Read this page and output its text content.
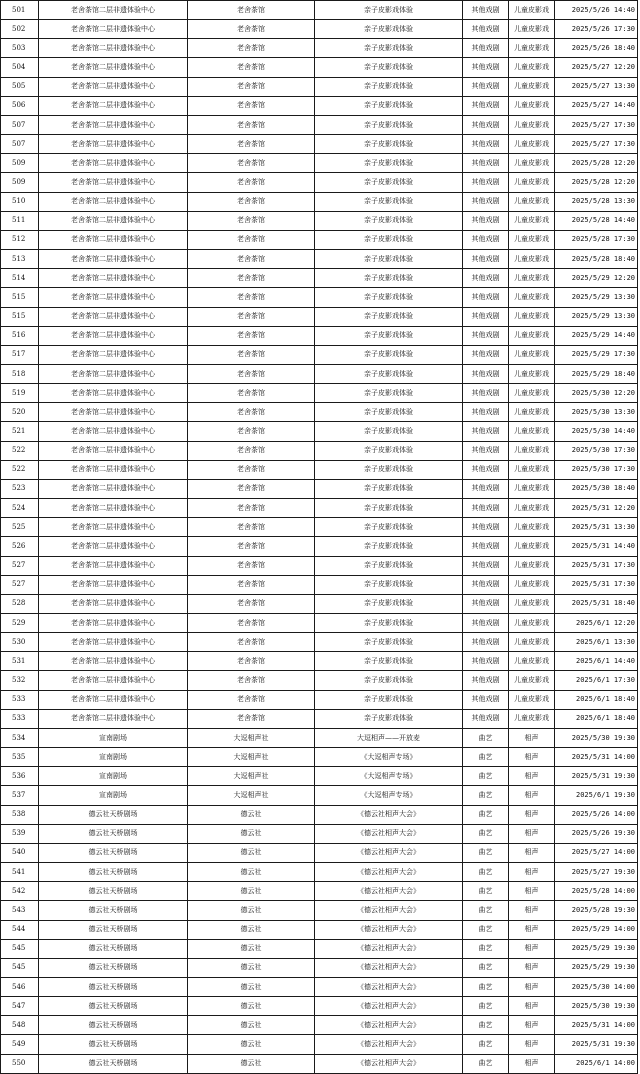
501	老舍茶馆二层非遗体验中心	老舍茶馆	亲子皮影戏体验	其他戏剧	儿童皮影戏	2025/5/26 14:40
502	老舍茶馆二层非遗体验中心	老舍茶馆	亲子皮影戏体验	其他戏剧	儿童皮影戏	2025/5/26 17:30
503	老舍茶馆二层非遗体验中心	老舍茶馆	亲子皮影戏体验	其他戏剧	儿童皮影戏	2025/5/26 18:40
504	老舍茶馆二层非遗体验中心	老舍茶馆	亲子皮影戏体验	其他戏剧	儿童皮影戏	2025/5/27 12:20
505	老舍茶馆二层非遗体验中心	老舍茶馆	亲子皮影戏体验	其他戏剧	儿童皮影戏	2025/5/27 13:30
506	老舍茶馆二层非遗体验中心	老舍茶馆	亲子皮影戏体验	其他戏剧	儿童皮影戏	2025/5/27 14:40
507	老舍茶馆二层非遗体验中心	老舍茶馆	亲子皮影戏体验	其他戏剧	儿童皮影戏	2025/5/27 17:30
507	老舍茶馆二层非遗体验中心	老舍茶馆	亲子皮影戏体验	其他戏剧	儿童皮影戏	2025/5/27 17:30
509	老舍茶馆二层非遗体验中心	老舍茶馆	亲子皮影戏体验	其他戏剧	儿童皮影戏	2025/5/28 12:20
509	老舍茶馆二层非遗体验中心	老舍茶馆	亲子皮影戏体验	其他戏剧	儿童皮影戏	2025/5/28 12:20
510	老舍茶馆二层非遗体验中心	老舍茶馆	亲子皮影戏体验	其他戏剧	儿童皮影戏	2025/5/28 13:30
511	老舍茶馆二层非遗体验中心	老舍茶馆	亲子皮影戏体验	其他戏剧	儿童皮影戏	2025/5/28 14:40
512	老舍茶馆二层非遗体验中心	老舍茶馆	亲子皮影戏体验	其他戏剧	儿童皮影戏	2025/5/28 17:30
513	老舍茶馆二层非遗体验中心	老舍茶馆	亲子皮影戏体验	其他戏剧	儿童皮影戏	2025/5/28 18:40
514	老舍茶馆二层非遗体验中心	老舍茶馆	亲子皮影戏体验	其他戏剧	儿童皮影戏	2025/5/29 12:20
515	老舍茶馆二层非遗体验中心	老舍茶馆	亲子皮影戏体验	其他戏剧	儿童皮影戏	2025/5/29 13:30
515	老舍茶馆二层非遗体验中心	老舍茶馆	亲子皮影戏体验	其他戏剧	儿童皮影戏	2025/5/29 13:30
516	老舍茶馆二层非遗体验中心	老舍茶馆	亲子皮影戏体验	其他戏剧	儿童皮影戏	2025/5/29 14:40
517	老舍茶馆二层非遗体验中心	老舍茶馆	亲子皮影戏体验	其他戏剧	儿童皮影戏	2025/5/29 17:30
518	老舍茶馆二层非遗体验中心	老舍茶馆	亲子皮影戏体验	其他戏剧	儿童皮影戏	2025/5/29 18:40
519	老舍茶馆二层非遗体验中心	老舍茶馆	亲子皮影戏体验	其他戏剧	儿童皮影戏	2025/5/30 12:20
520	老舍茶馆二层非遗体验中心	老舍茶馆	亲子皮影戏体验	其他戏剧	儿童皮影戏	2025/5/30 13:30
521	老舍茶馆二层非遗体验中心	老舍茶馆	亲子皮影戏体验	其他戏剧	儿童皮影戏	2025/5/30 14:40
522	老舍茶馆二层非遗体验中心	老舍茶馆	亲子皮影戏体验	其他戏剧	儿童皮影戏	2025/5/30 17:30
522	老舍茶馆二层非遗体验中心	老舍茶馆	亲子皮影戏体验	其他戏剧	儿童皮影戏	2025/5/30 17:30
523	老舍茶馆二层非遗体验中心	老舍茶馆	亲子皮影戏体验	其他戏剧	儿童皮影戏	2025/5/30 18:40
524	老舍茶馆二层非遗体验中心	老舍茶馆	亲子皮影戏体验	其他戏剧	儿童皮影戏	2025/5/31 12:20
525	老舍茶馆二层非遗体验中心	老舍茶馆	亲子皮影戏体验	其他戏剧	儿童皮影戏	2025/5/31 13:30
526	老舍茶馆二层非遗体验中心	老舍茶馆	亲子皮影戏体验	其他戏剧	儿童皮影戏	2025/5/31 14:40
527	老舍茶馆二层非遗体验中心	老舍茶馆	亲子皮影戏体验	其他戏剧	儿童皮影戏	2025/5/31 17:30
527	老舍茶馆二层非遗体验中心	老舍茶馆	亲子皮影戏体验	其他戏剧	儿童皮影戏	2025/5/31 17:30
528	老舍茶馆二层非遗体验中心	老舍茶馆	亲子皮影戏体验	其他戏剧	儿童皮影戏	2025/5/31 18:40
529	老舍茶馆二层非遗体验中心	老舍茶馆	亲子皮影戏体验	其他戏剧	儿童皮影戏	2025/6/1 12:20
530	老舍茶馆二层非遗体验中心	老舍茶馆	亲子皮影戏体验	其他戏剧	儿童皮影戏	2025/6/1 13:30
531	老舍茶馆二层非遗体验中心	老舍茶馆	亲子皮影戏体验	其他戏剧	儿童皮影戏	2025/6/1 14:40
532	老舍茶馆二层非遗体验中心	老舍茶馆	亲子皮影戏体验	其他戏剧	儿童皮影戏	2025/6/1 17:30
533	老舍茶馆二层非遗体验中心	老舍茶馆	亲子皮影戏体验	其他戏剧	儿童皮影戏	2025/6/1 18:40
533	老舍茶馆二层非遗体验中心	老舍茶馆	亲子皮影戏体验	其他戏剧	儿童皮影戏	2025/6/1 18:40
534	宣南剧场	大逗相声社	大逗相声——开放麦	曲艺	相声	2025/5/30 19:30
535	宣南剧场	大逗相声社	《大逗相声专场》	曲艺	相声	2025/5/31 14:00
536	宣南剧场	大逗相声社	《大逗相声专场》	曲艺	相声	2025/5/31 19:30
537	宣南剧场	大逗相声社	《大逗相声专场》	曲艺	相声	2025/6/1 19:30
538	德云社天桥剧场	德云社	《德云社相声大会》	曲艺	相声	2025/5/26 14:00
539	德云社天桥剧场	德云社	《德云社相声大会》	曲艺	相声	2025/5/26 19:30
540	德云社天桥剧场	德云社	《德云社相声大会》	曲艺	相声	2025/5/27 14:00
541	德云社天桥剧场	德云社	《德云社相声大会》	曲艺	相声	2025/5/27 19:30
542	德云社天桥剧场	德云社	《德云社相声大会》	曲艺	相声	2025/5/28 14:00
543	德云社天桥剧场	德云社	《德云社相声大会》	曲艺	相声	2025/5/28 19:30
544	德云社天桥剧场	德云社	《德云社相声大会》	曲艺	相声	2025/5/29 14:00
545	德云社天桥剧场	德云社	《德云社相声大会》	曲艺	相声	2025/5/29 19:30
545	德云社天桥剧场	德云社	《德云社相声大会》	曲艺	相声	2025/5/29 19:30
546	德云社天桥剧场	德云社	《德云社相声大会》	曲艺	相声	2025/5/30 14:00
547	德云社天桥剧场	德云社	《德云社相声大会》	曲艺	相声	2025/5/30 19:30
548	德云社天桥剧场	德云社	《德云社相声大会》	曲艺	相声	2025/5/31 14:00
549	德云社天桥剧场	德云社	《德云社相声大会》	曲艺	相声	2025/5/31 19:30
550	德云社天桥剧场	德云社	《德云社相声大会》	曲艺	相声	2025/6/1 14:00
